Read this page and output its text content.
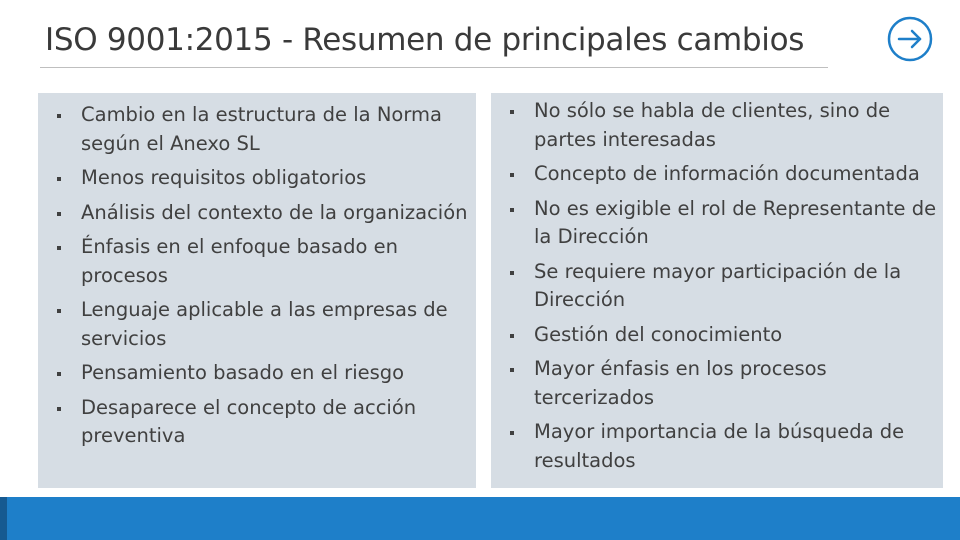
ISO 9001:2015 - Resumen de principales cambios
Cambio en la estructura de la Norma según el Anexo SL
Menos requisitos obligatorios
Análisis del contexto de la organización
Énfasis en el enfoque basado en procesos
Lenguaje aplicable a las empresas de servicios
Pensamiento basado en el riesgo
Desaparece el concepto de acción preventiva
No sólo se habla de clientes, sino de partes interesadas
Concepto de información documentada
No es exigible el rol de Representante de la Dirección
Se requiere mayor participación de la Dirección
Gestión del conocimiento
Mayor énfasis en los procesos tercerizados
Mayor importancia de la búsqueda de resultados
